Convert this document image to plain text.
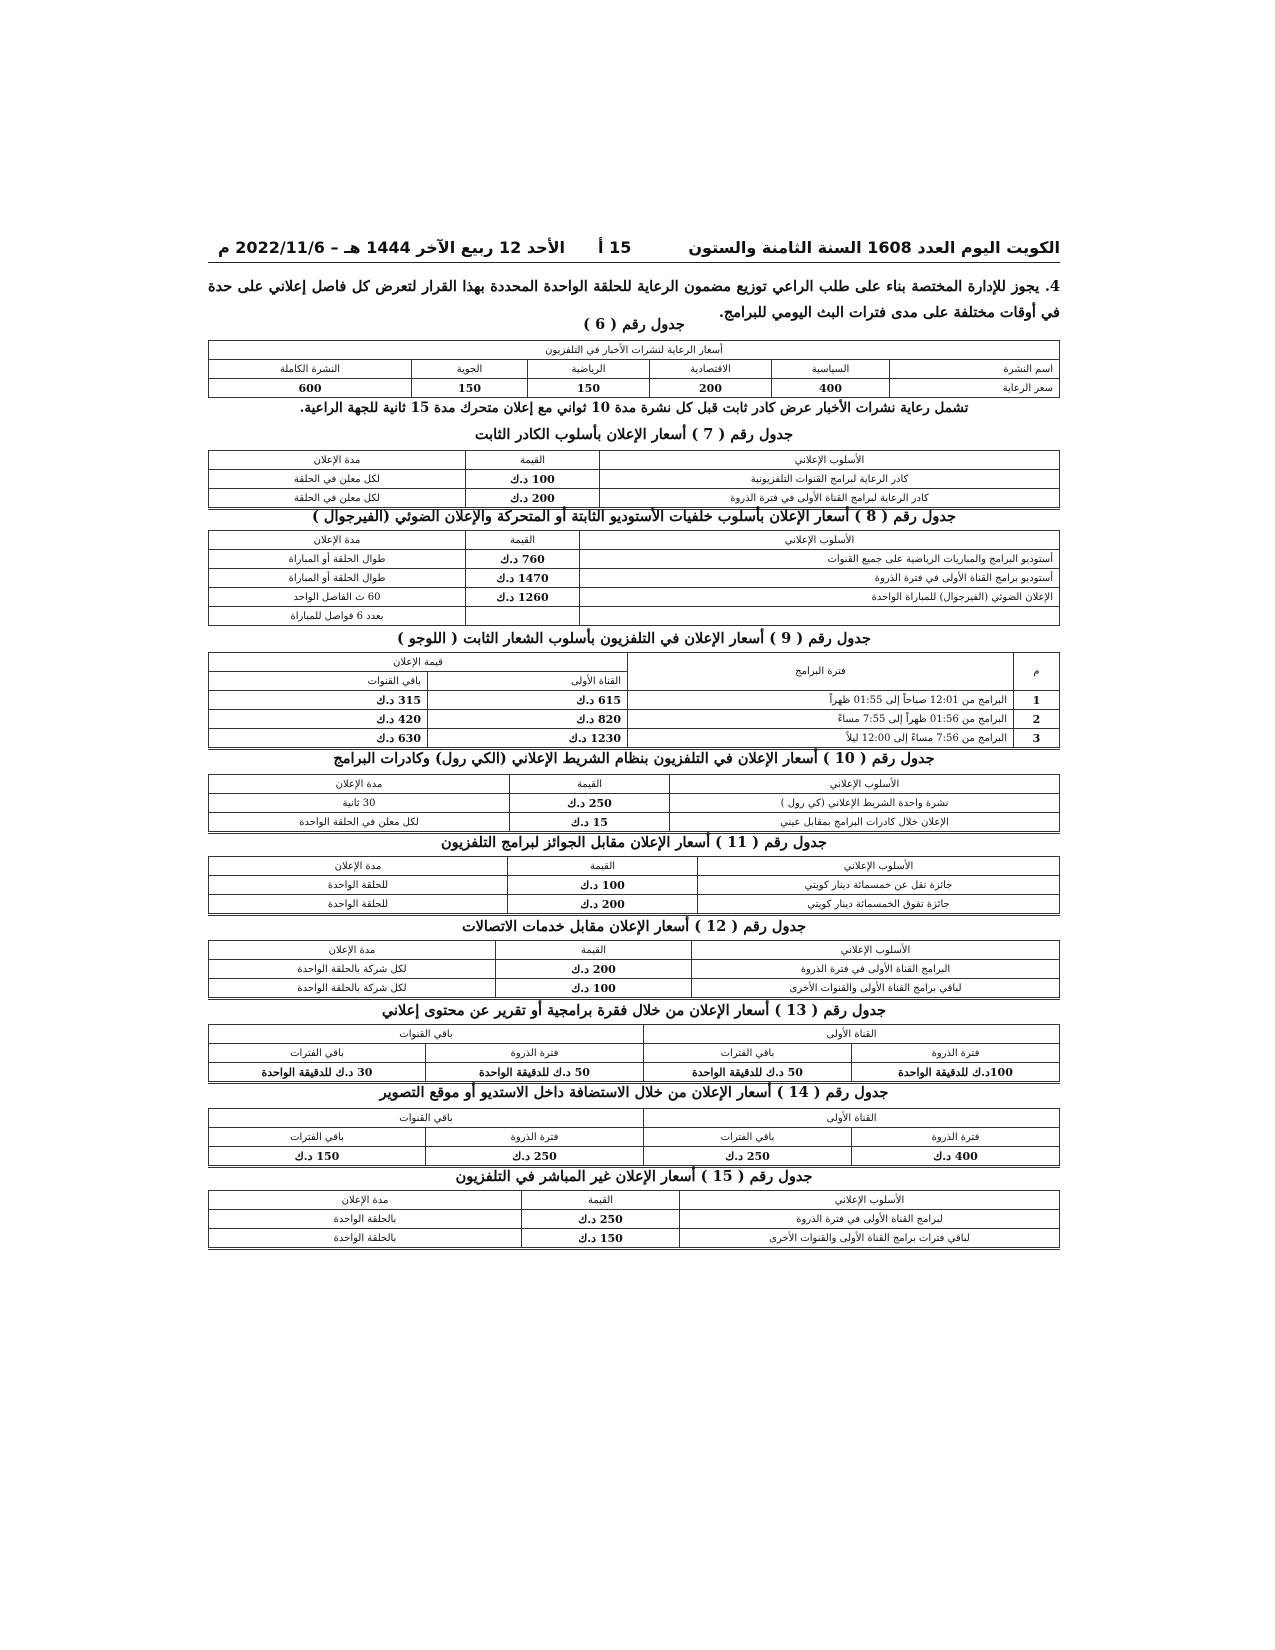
الكويت اليوم العدد 1608 السنة الثامنة والستون
15 أ
الأحد 12 ربيع الآخر 1444 هـ – 2022/11/6 م
4. يجوز للإدارة المختصة بناء على طلب الراعي توزيع مضمون الرعاية للحلقة الواحدة المحددة بهذا القرار لتعرض كل فاصل إعلاني على حدة في أوقات مختلفة على مدى فترات البث اليومي للبرامج.
جدول رقم ( 6 )
أسعار الرعاية لنشرات الأخبار في التلفزيون					
اسم النشرة	السياسية	الاقتصادية	الرياضية	الجوية	النشرة الكاملة
سعر الرعاية	400	200	150	150	600
تشمل رعاية نشرات الأخبار عرض كادر ثابت قبل كل نشرة مدة 10 ثواني مع إعلان متحرك مدة 15 ثانية للجهة الراعية.
جدول رقم ( 7 ) أسعار الإعلان بأسلوب الكادر الثابت
الأسلوب الإعلاني	القيمة	مدة الإعلان
كادر الرعاية لبرامج القنوات التلفزيونية	100 د.ك	لكل معلن في الحلقة
كادر الرعاية لبرامج القناة الأولى في فترة الذروة	200 د.ك	لكل معلن في الحلقة
جدول رقم ( 8 ) أسعار الإعلان بأسلوب خلفيات الأستوديو الثابتة أو المتحركة والإعلان الضوئي (الفيرجوال )
الأسلوب الإعلاني	القيمة	مدة الإعلان
أستوديو البرامج والمباريات الرياضية على جميع القنوات	760 د.ك	طوال الحلقة أو المباراة
أستوديو برامج القناة الأولى في فترة الذروة	1470 د.ك	طوال الحلقة أو المباراة
الإعلان الضوئي (الفيرجوال) للمباراة الواحدة	1260 د.ك	60 ث الفاصل الواحد
		بعدد 6 فواصل للمباراة
جدول رقم ( 9 ) أسعار الإعلان في التلفزيون بأسلوب الشعار الثابت ( اللوجو )
م	فترة البرامج	قيمة الإعلان	
		القناة الأولى	باقي القنوات
1	البرامج من 12:01 صباحاً إلى 01:55 ظهراً	615 د.ك	315 د.ك
2	البرامج من 01:56 ظهراً إلى 7:55 مساءً	820 د.ك	420 د.ك
3	البرامج من 7:56 مساءً إلى 12:00 ليلاً	1230 د.ك	630 د.ك
جدول رقم ( 10 ) أسعار الإعلان في التلفزيون بنظام الشريط الإعلاني (الكي رول) وكادرات البرامج
الأسلوب الإعلاني	القيمة	مدة الإعلان
نشرة واحدة الشريط الإعلاني (كي رول )	250 د.ك	30 ثانية
الإعلان خلال كادرات البرامج بمقابل عيني	15 د.ك	لكل معلن في الحلقة الواحدة
جدول رقم ( 11 ) أسعار الإعلان مقابل الجوائز لبرامج التلفزيون
الأسلوب الإعلاني	القيمة	مدة الإعلان
جائزة تقل عن خمسمائة دينار كويتي	100 د.ك	للحلقة الواحدة
جائزة تفوق الخمسمائة دينار كويتي	200 د.ك	للحلقة الواحدة
جدول رقم ( 12 ) أسعار الإعلان مقابل خدمات الاتصالات
الأسلوب الإعلاني	القيمة	مدة الإعلان
البرامج القناة الأولى في فترة الذروة	200 د.ك	لكل شركة بالحلقة الواحدة
لباقي برامج القناة الأولى والقنوات الأخرى	100 د.ك	لكل شركة بالحلقة الواحدة
جدول رقم ( 13 ) أسعار الإعلان من خلال فقرة برامجية أو تقرير عن محتوى إعلاني
القناة الأولى		باقي القنوات	
فترة الذروة	باقي الفترات	فترة الذروة	باقي الفترات
100د.ك للدقيقة الواحدة	50 د.ك للدقيقة الواحدة	50 د.ك للدقيقة الواحدة	30 د.ك للدقيقة الواحدة
جدول رقم ( 14 ) أسعار الإعلان من خلال الاستضافة داخل الاستديو أو موقع التصوير
القناة الأولى		باقي القنوات	
فترة الذروة	باقي الفترات	فترة الذروة	باقي الفترات
400 د.ك	250 د.ك	250 د.ك	150 د.ك
جدول رقم ( 15 ) أسعار الإعلان غير المباشر في التلفزيون
الأسلوب الإعلاني	القيمة	مدة الإعلان
لبرامج القناة الأولى في فترة الذروة	250 د.ك	بالحلقة الواحدة
لباقي فترات برامج القناة الأولى والقنوات الأخرى	150 د.ك	بالحلقة الواحدة
